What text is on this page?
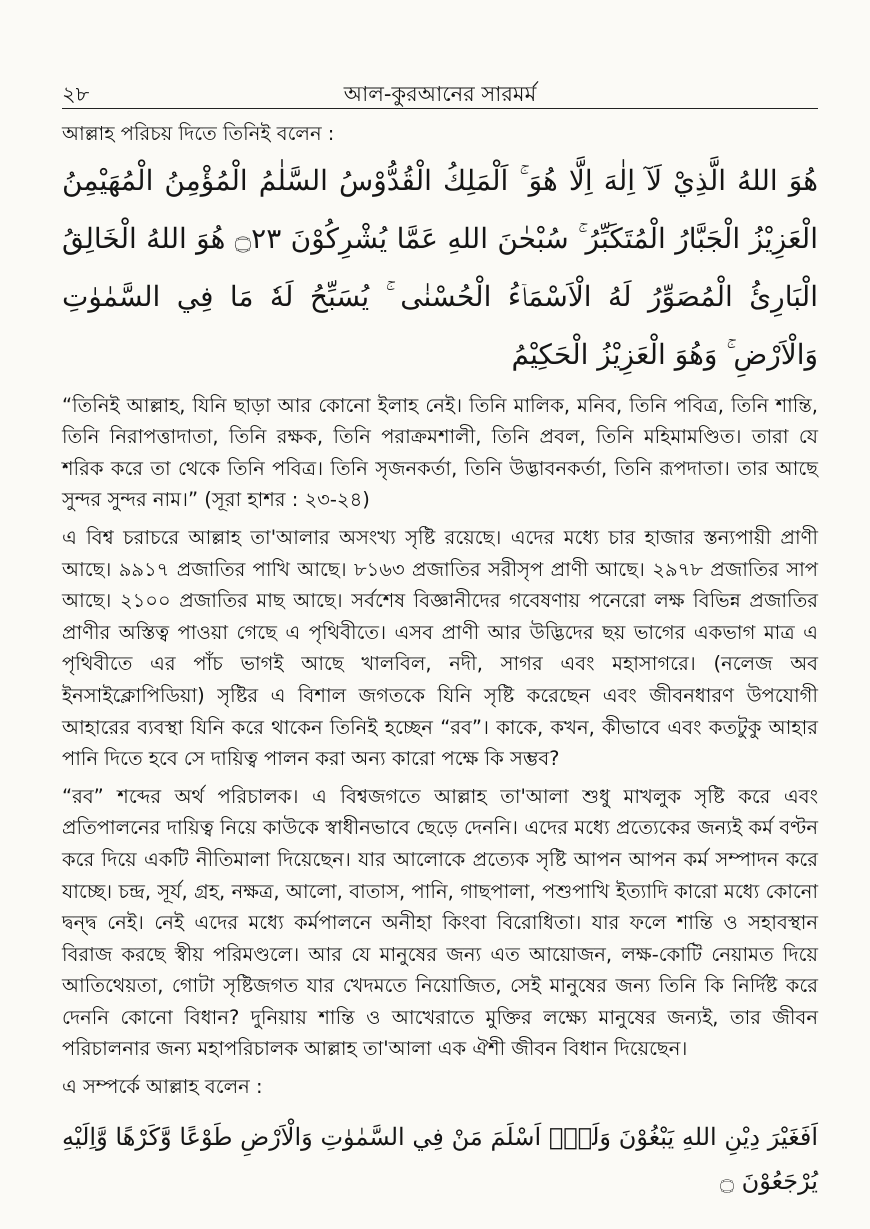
২৮	আল-কুরআনের সারমর্ম

আল্লাহ পরিচয় দিতে তিনিই বলেন :

هُوَ اللهُ الَّذِيْ لَآ اِلٰهَ اِلَّا هُوَ ۚ اَلْمَلِكُ الْقُدُّوْسُ السَّلٰمُ الْمُؤْمِنُ الْمُهَيْمِنُ الْعَزِيْزُ الْجَبَّارُ الْمُتَكَبِّرُ ۚ سُبْحٰنَ اللهِ عَمَّا يُشْرِكُوْنَ ۝٢٣ هُوَ اللهُ الْخَالِقُ الْبَارِئُ الْمُصَوِّرُ لَهُ الْاَسْمَاۤءُ الْحُسْنٰى ۚ يُسَبِّحُ لَهٗ مَا فِي السَّمٰوٰتِ وَالْاَرْضِ ۚ وَهُوَ الْعَزِيْزُ الْحَكِيْمُ

“তিনিই আল্লাহ, যিনি ছাড়া আর কোনো ইলাহ নেই। তিনি মালিক, মনিব, তিনি পবিত্র, তিনি শান্তি, তিনি নিরাপত্তাদাতা, তিনি রক্ষক, তিনি পরাক্রমশালী, তিনি প্রবল, তিনি মহিমামণ্ডিত। তারা যে শরিক করে তা থেকে তিনি পবিত্র। তিনি সৃজনকর্তা, তিনি উদ্ভাবনকর্তা, তিনি রূপদাতা। তার আছে সুন্দর সুন্দর নাম।” (সূরা হাশর : ২৩-২৪)

এ বিশ্ব চরাচরে আল্লাহ তা'আলার অসংখ্য সৃষ্টি রয়েছে। এদের মধ্যে চার হাজার স্তন্যপায়ী প্রাণী আছে। ৯৯১৭ প্রজাতির পাখি আছে। ৮১৬৩ প্রজাতির সরীসৃপ প্রাণী আছে। ২৯৭৮ প্রজাতির সাপ আছে। ২১০০ প্রজাতির মাছ আছে। সর্বশেষ বিজ্ঞানীদের গবেষণায় পনেরো লক্ষ বিভিন্ন প্রজাতির প্রাণীর অস্তিত্ব পাওয়া গেছে এ পৃথিবীতে। এসব প্রাণী আর উদ্ভিদের ছয় ভাগের একভাগ মাত্র এ পৃথিবীতে এর পাঁচ ভাগই আছে খালবিল, নদী, সাগর এবং মহাসাগরে। (নলেজ অব ইনসাইক্লোপিডিয়া) সৃষ্টির এ বিশাল জগতকে যিনি সৃষ্টি করেছেন এবং জীবনধারণ উপযোগী আহারের ব্যবস্থা যিনি করে থাকেন তিনিই হচ্ছেন “রব”। কাকে, কখন, কীভাবে এবং কতটুকু আহার পানি দিতে হবে সে দায়িত্ব পালন করা অন্য কারো পক্ষে কি সম্ভব?

“রব” শব্দের অর্থ পরিচালক। এ বিশ্বজগতে আল্লাহ তা'আলা শুধু মাখলুক সৃষ্টি করে এবং প্রতিপালনের দায়িত্ব নিয়ে কাউকে স্বাধীনভাবে ছেড়ে দেননি। এদের মধ্যে প্রত্যেকের জন্যই কর্ম বণ্টন করে দিয়ে একটি নীতিমালা দিয়েছেন। যার আলোকে প্রত্যেক সৃষ্টি আপন আপন কর্ম সম্পাদন করে যাচ্ছে। চন্দ্র, সূর্য, গ্রহ, নক্ষত্র, আলো, বাতাস, পানি, গাছপালা, পশুপাখি ইত্যাদি কারো মধ্যে কোনো দ্বন্দ্ব নেই। নেই এদের মধ্যে কর্মপালনে অনীহা কিংবা বিরোধিতা। যার ফলে শান্তি ও সহাবস্থান বিরাজ করছে স্বীয় পরিমণ্ডলে। আর যে মানুষের জন্য এত আয়োজন, লক্ষ-কোটি নেয়ামত দিয়ে আতিথেয়তা, গোটা সৃষ্টিজগত যার খেদমতে নিয়োজিত, সেই মানুষের জন্য তিনি কি নির্দিষ্ট করে দেননি কোনো বিধান? দুনিয়ায় শান্তি ও আখেরাতে মুক্তির লক্ষ্যে মানুষের জন্যই, তার জীবন পরিচালনার জন্য মহাপরিচালক আল্লাহ তা'আলা এক ঐশী জীবন বিধান দিয়েছেন।

এ সম্পর্কে আল্লাহ বলেন :

اَفَغَيْرَ دِيْنِ اللهِ يَبْغُوْنَ وَلَهٗۤ اَسْلَمَ مَنْ فِي السَّمٰوٰتِ وَالْاَرْضِ طَوْعًا وَّكَرْهًا وَّاِلَيْهِ يُرْجَعُوْنَ ۝
